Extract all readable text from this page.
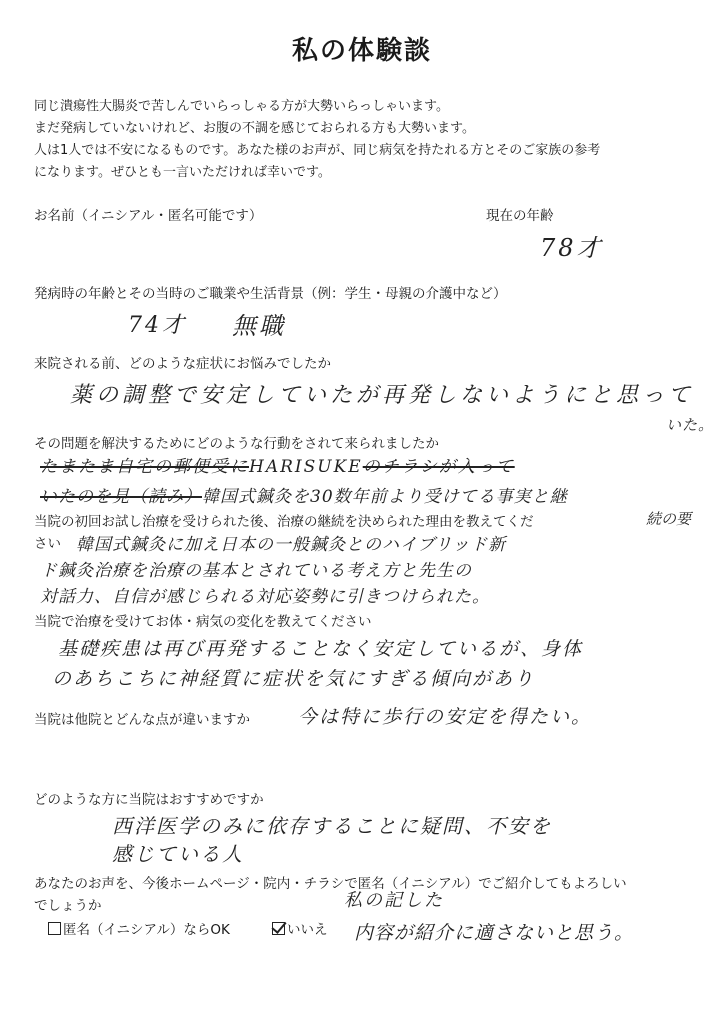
私の体験談
同じ潰瘍性大腸炎で苦しんでいらっしゃる方が大勢いらっしゃいます。
まだ発病していないけれど、お腹の不調を感じておられる方も大勢います。
人は1人では不安になるものです。あなた様のお声が、同じ病気を持たれる方とそのご家族の参考
になります。ぜひとも一言いただければ幸いです。
お名前（イニシアル・匿名可能です）	現在の年齢
78才
発病時の年齢とその当時のご職業や生活背景（例：学生・母親の介護中など）
74才 無職
来院される前、どのような症状にお悩みでしたか
薬の調整で安定していたが再発しないようにと思って
いた。
その問題を解決するためにどのような行動をされて来られましたか
たまたま自宅の郵便受にHARISUKEのチラシが入って
いたのを見（読み）韓国式鍼灸を30数年前より受けてる事実と継
当院の初回お試し治療を受けられた後、治療の継続を決められた理由を教えてくだ
さい
続の要
韓国式鍼灸に加え日本の一般鍼灸とのハイブリッド新
ド鍼灸治療を治療の基本とされている考え方と先生の
対話力、自信が感じられる対応姿勢に引きつけられた。
当院で治療を受けてお体・病気の変化を教えてください
基礎疾患は再び再発することなく安定しているが、身体
のあちこちに神経質に症状を気にすぎる傾向があり
当院は他院とどんな点が違いますか	今は特に歩行の安定を得たい。
どのような方に当院はおすすめですか
西洋医学のみに依存することに疑問、不安を
感じている人
あなたのお声を、今後ホームページ・院内・チラシで匿名（イニシアル）でご紹介してもよろしい
でしょうか
匿名（イニシアル）ならOK	いいえ
私の記した
内容が紹介に適さないと思う。
